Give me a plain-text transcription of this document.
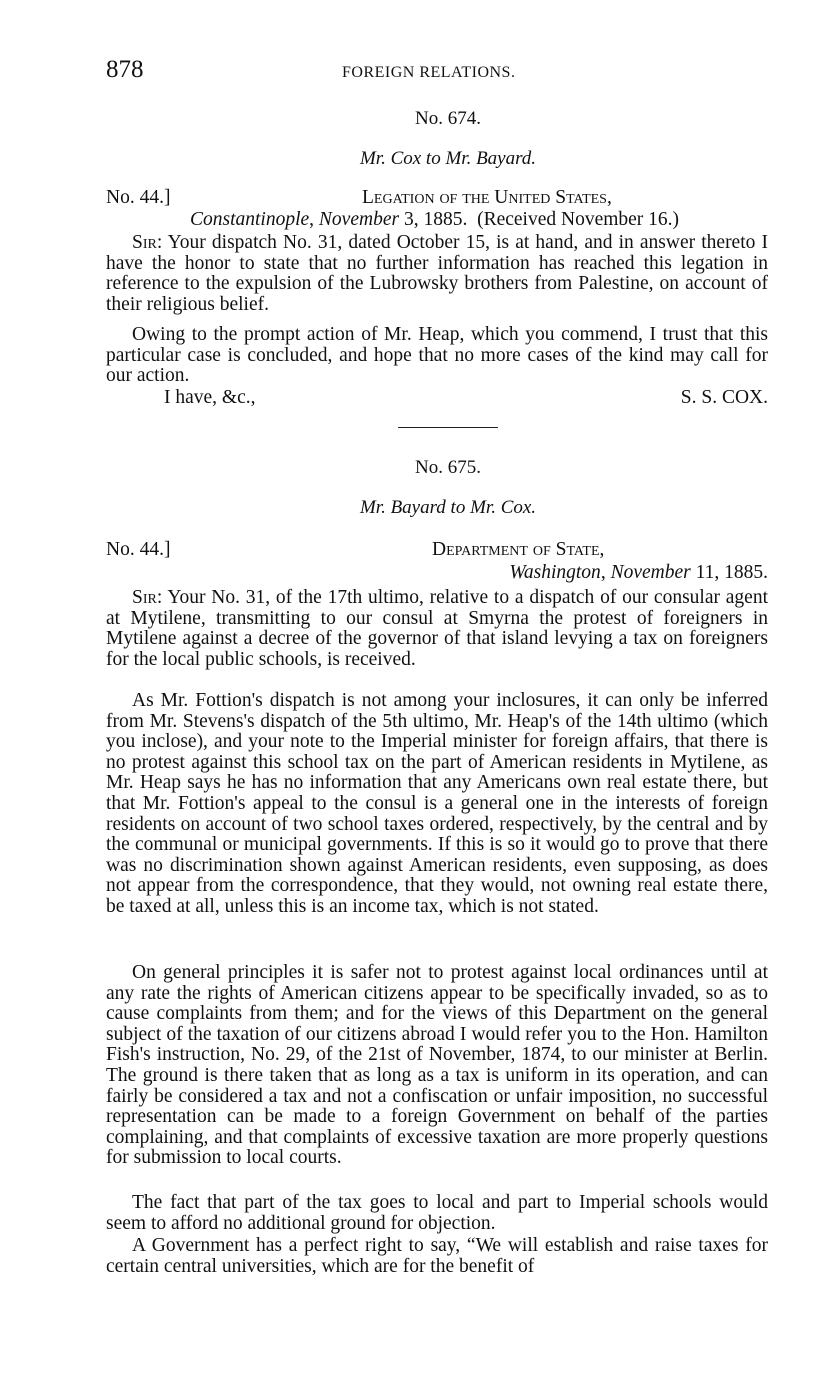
878	FOREIGN RELATIONS.
No. 674.
Mr. Cox to Mr. Bayard.
No. 44.]	Legation of the United States,
Constantinople, November 3, 1885. (Received November 16.)
Sir: Your dispatch No. 31, dated October 15, is at hand, and in answer thereto I have the honor to state that no further information has reached this legation in reference to the expulsion of the Lubrowsky brothers from Palestine, on account of their religious belief.
Owing to the prompt action of Mr. Heap, which you commend, I trust that this particular case is concluded, and hope that no more cases of the kind may call for our action.
I have, &c.,	S. S. COX.
No. 675.
Mr. Bayard to Mr. Cox.
No. 44.]	Department of State,
Washington, November 11, 1885.
Sir: Your No. 31, of the 17th ultimo, relative to a dispatch of our consular agent at Mytilene, transmitting to our consul at Smyrna the protest of foreigners in Mytilene against a decree of the governor of that island levying a tax on foreigners for the local public schools, is received.
As Mr. Fottion's dispatch is not among your inclosures, it can only be inferred from Mr. Stevens's dispatch of the 5th ultimo, Mr. Heap's of the 14th ultimo (which you inclose), and your note to the Imperial minister for foreign affairs, that there is no protest against this school tax on the part of American residents in Mytilene, as Mr. Heap says he has no information that any Americans own real estate there, but that Mr. Fottion's appeal to the consul is a general one in the interests of foreign residents on account of two school taxes ordered, respectively, by the central and by the communal or municipal governments. If this is so it would go to prove that there was no discrimination shown against American residents, even supposing, as does not appear from the correspondence, that they would, not owning real estate there, be taxed at all, unless this is an income tax, which is not stated.
On general principles it is safer not to protest against local ordinances until at any rate the rights of American citizens appear to be specifically invaded, so as to cause complaints from them; and for the views of this Department on the general subject of the taxation of our citizens abroad I would refer you to the Hon. Hamilton Fish's instruction, No. 29, of the 21st of November, 1874, to our minister at Berlin. The ground is there taken that as long as a tax is uniform in its operation, and can fairly be considered a tax and not a confiscation or unfair imposition, no successful representation can be made to a foreign Government on behalf of the parties complaining, and that complaints of excessive taxation are more properly questions for submission to local courts.
The fact that part of the tax goes to local and part to Imperial schools would seem to afford no additional ground for objection.
A Government has a perfect right to say, “We will establish and raise taxes for certain central universities, which are for the benefit of
